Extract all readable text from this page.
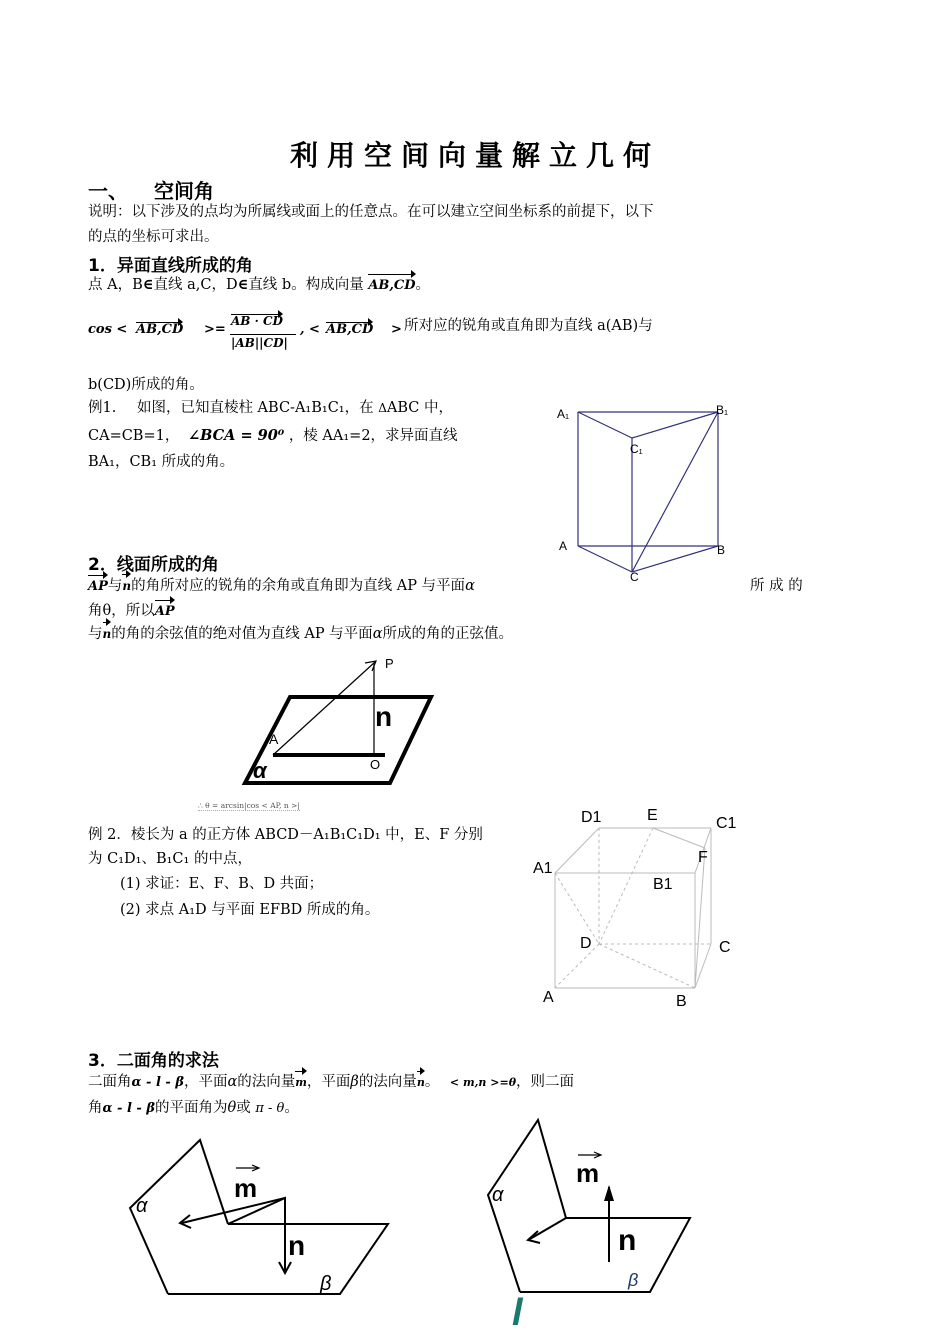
利用空间向量解立几何
一、 空间角
说明：以下涉及的点均为所属线或面上的任意点。在可以建立空间坐标系的前提下，以下
的点的坐标可求出。
1．异面直线所成的角
点 A，B∈直线 a,C，D∈直线 b。构成向量 AB,CD。
cos < AB,CD >=
AB · CD
|AB||CD|
, < AB,CD > 所对应的锐角或直角即为直线 a(AB)与
b(CD)所成的角。
例1. 如图，已知直棱柱 ABC-A₁B₁C₁，在 ΔABC 中，
CA=CB=1， ∠BCA = 90⁰ ，棱 AA₁=2，求异面直线
BA₁，CB₁ 所成的角。
A₁	B₁
C₁
A	B
C
2．线面所成的角
AP与n的角所对应的锐角的余角或直角即为直线 AP 与平面α	所 成 的
角θ，所以AP
与n的角的余弦值的绝对值为直线 AP 与平面α所成的角的正弦值。
P
n
A
O
α
∴ θ = arcsin|cos < AP, n >|
例 2．棱长为 a 的正方体 ABCD－A₁B₁C₁D₁ 中，E、F 分别
为 C₁D₁、B₁C₁ 的中点，
(1) 求证：E、F、B、D 共面；
(2) 求点 A₁D 与平面 EFBD 所成的角。
D1	E	C1
A1
F
B1
D	C
A	B
3．二面角的求法
二面角α - l - β，平面α的法向量m，平面β的法向量n。 < m,n >=θ，则二面
角α - l - β的平面角为θ或 π - θ。
m
n
α
β
m
n
α
β
l
